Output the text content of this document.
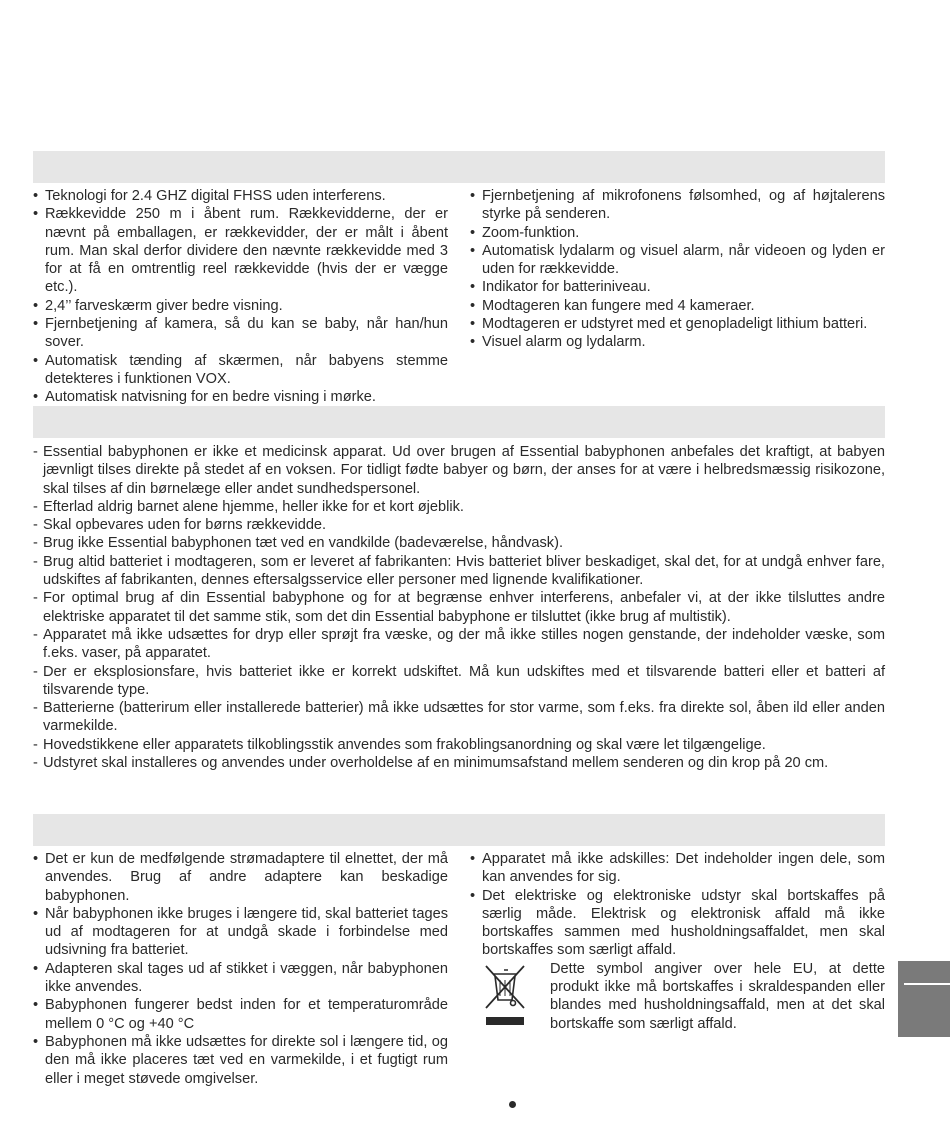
• Teknologi for 2.4 GHZ digital FHSS uden interferens.
• Rækkevidde 250 m i åbent rum. Rækkevidderne, der er nævnt på emballagen, er rækkevidder, der er målt i åbent rum. Man skal derfor dividere den nævnte rækkevidde med 3 for at få en omtrentlig reel rækkevidde (hvis der er vægge etc.).
• 2,4’’ farveskærm giver bedre visning.
• Fjernbetjening af kamera, så du kan se baby, når han/hun sover.
• Automatisk tænding af skærmen, når babyens stemme detekteres i funktionen VOX.
• Automatisk natvisning for en bedre visning i mørke.
• Fjernbetjening af mikrofonens følsomhed, og af højtalerens styrke på senderen.
• Zoom-funktion.
• Automatisk lydalarm og visuel alarm, når videoen og lyden er uden for rækkevidde.
• Indikator for batteriniveau.
• Modtageren kan fungere med 4 kameraer.
• Modtageren er udstyret med et genopladeligt lithium batteri.
• Visuel alarm og lydalarm.
- Essential babyphonen er ikke et medicinsk apparat. Ud over brugen af Essential babyphonen anbefales det kraftigt, at babyen jævnligt tilses direkte på stedet af en voksen. For tidligt fødte babyer og børn, der anses for at være i helbredsmæssig risikozone, skal tilses af din børnelæge eller andet sundhedspersonel.
- Efterlad aldrig barnet alene hjemme, heller ikke for et kort øjeblik.
- Skal opbevares uden for børns rækkevidde.
- Brug ikke Essential babyphonen tæt ved en vandkilde (badeværelse, håndvask).
- Brug altid batteriet i modtageren, som er leveret af fabrikanten: Hvis batteriet bliver beskadiget, skal det, for at undgå enhver fare, udskiftes af fabrikanten, dennes eftersalgsservice eller personer med lignende kvalifikationer.
- For optimal brug af din Essential babyphone og for at begrænse enhver interferens, anbefaler vi, at der ikke tilsluttes andre elektriske apparatet til det samme stik, som det din Essential babyphone er tilsluttet (ikke brug af multistik).
- Apparatet må ikke udsættes for dryp eller sprøjt fra væske, og der må ikke stilles nogen genstande, der indeholder væske, som f.eks. vaser, på apparatet.
- Der er eksplosionsfare, hvis batteriet ikke er korrekt udskiftet. Må kun udskiftes med et tilsvarende batteri eller et batteri af tilsvarende type.
- Batterierne (batterirum eller installerede batterier) må ikke udsættes for stor varme, som f.eks. fra direkte sol, åben ild eller anden varmekilde.
- Hovedstikkene eller apparatets tilkoblingsstik anvendes som frakoblingsanordning og skal være let tilgængelige.
- Udstyret skal installeres og anvendes under overholdelse af en minimumsafstand mellem senderen og din krop på 20 cm.
• Det er kun de medfølgende strømadaptere til elnettet, der må anvendes. Brug af andre adaptere kan beskadige babyphonen.
• Når babyphonen ikke bruges i længere tid, skal batteriet tages ud af modtageren for at undgå skade i forbindelse med udsivning fra batteriet.
• Adapteren skal tages ud af stikket i væggen, når babyphonen ikke anvendes.
• Babyphonen fungerer bedst inden for et temperaturområde mellem 0 °C og +40 °C
• Babyphonen må ikke udsættes for direkte sol i længere tid, og den må ikke placeres tæt ved en varmekilde, i et fugtigt rum eller i meget støvede omgivelser.
• Apparatet må ikke adskilles: Det indeholder ingen dele, som kan anvendes for sig.
• Det elektriske og elektroniske udstyr skal bortskaffes på særlig måde. Elektrisk og elektronisk affald må ikke bortskaffes sammen med husholdningsaffaldet, men skal bortskaffes som særligt affald.
Dette symbol angiver over hele EU, at dette produkt ikke må bortskaffes i skraldespanden eller blandes med husholdningsaffald, men at det skal bortskaffe som særligt affald.
